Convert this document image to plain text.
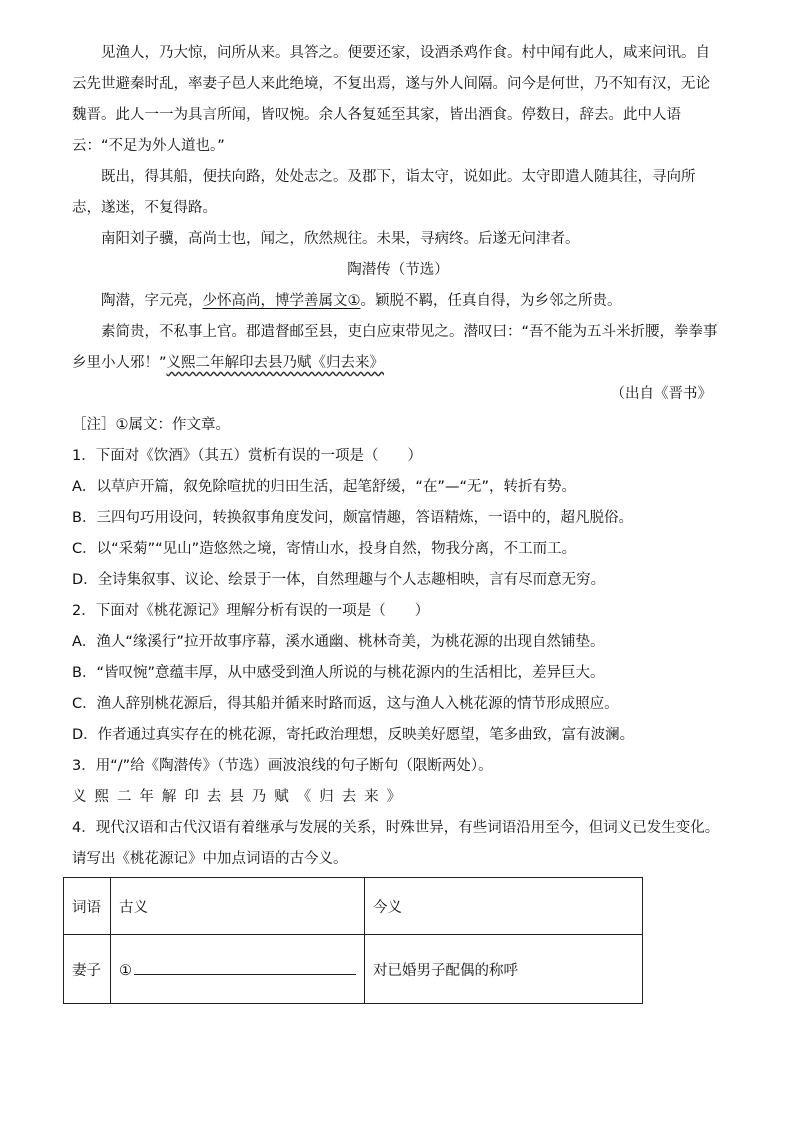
见渔人，乃大惊，问所从来。具答之。便要还家，设酒杀鸡作食。村中闻有此人，咸来问讯。自云先世避秦时乱，率妻子邑人来此绝境，不复出焉，遂与外人间隔。问今是何世，乃不知有汉，无论魏晋。此人一一为具言所闻，皆叹惋。余人各复延至其家，皆出酒食。停数日，辞去。此中人语云：“不足为外人道也。”

既出，得其船，便扶向路，处处志之。及郡下，诣太守，说如此。太守即遣人随其往，寻向所志，遂迷，不复得路。

南阳刘子骥，高尚士也，闻之，欣然规往。未果，寻病终。后遂无问津者。

陶潜传（节选）

陶潜，字元亮，少怀高尚，博学善属文①。颖脱不羁，任真自得，为乡邻之所贵。

素简贵，不私事上官。郡遣督邮至县，吏白应束带见之。潜叹曰：“吾不能为五斗米折腰，拳拳事乡里小人邪！”义熙二年解印去县乃赋《归去来》

（出自《晋书》

［注］①属文：作文章。

1．下面对《饮酒》（其五）赏析有误的一项是（　　）

A．以草庐开篇，叙免除喧扰的归田生活，起笔舒缓，“在”—“无”，转折有势。

B．三四句巧用设问，转换叙事角度发问，颇富情趣，答语精炼，一语中的，超凡脱俗。

C．以“采菊”“见山”造悠然之境，寄情山水，投身自然，物我分离，不工而工。

D．全诗集叙事、议论、绘景于一体，自然理趣与个人志趣相映，言有尽而意无穷。

2．下面对《桃花源记》理解分析有误的一项是（　　）

A．渔人“缘溪行”拉开故事序幕，溪水通幽、桃林奇美，为桃花源的出现自然铺垫。

B．“皆叹惋”意蕴丰厚，从中感受到渔人所说的与桃花源内的生活相比，差异巨大。

C．渔人辞别桃花源后，得其船并循来时路而返，这与渔人入桃花源的情节形成照应。

D．作者通过真实存在的桃花源，寄托政治理想，反映美好愿望，笔多曲致，富有波澜。

3．用“/”给《陶潜传》（节选）画波浪线的句子断句（限断两处）。

义熙二年解印去县乃赋《归去来》

4．现代汉语和古代汉语有着继承与发展的关系，时殊世异，有些词语沿用至今，但词义已发生变化。请写出《桃花源记》中加点词语的古今义。

词语	古义	今义
妻子	①	对已婚男子配偶的称呼
